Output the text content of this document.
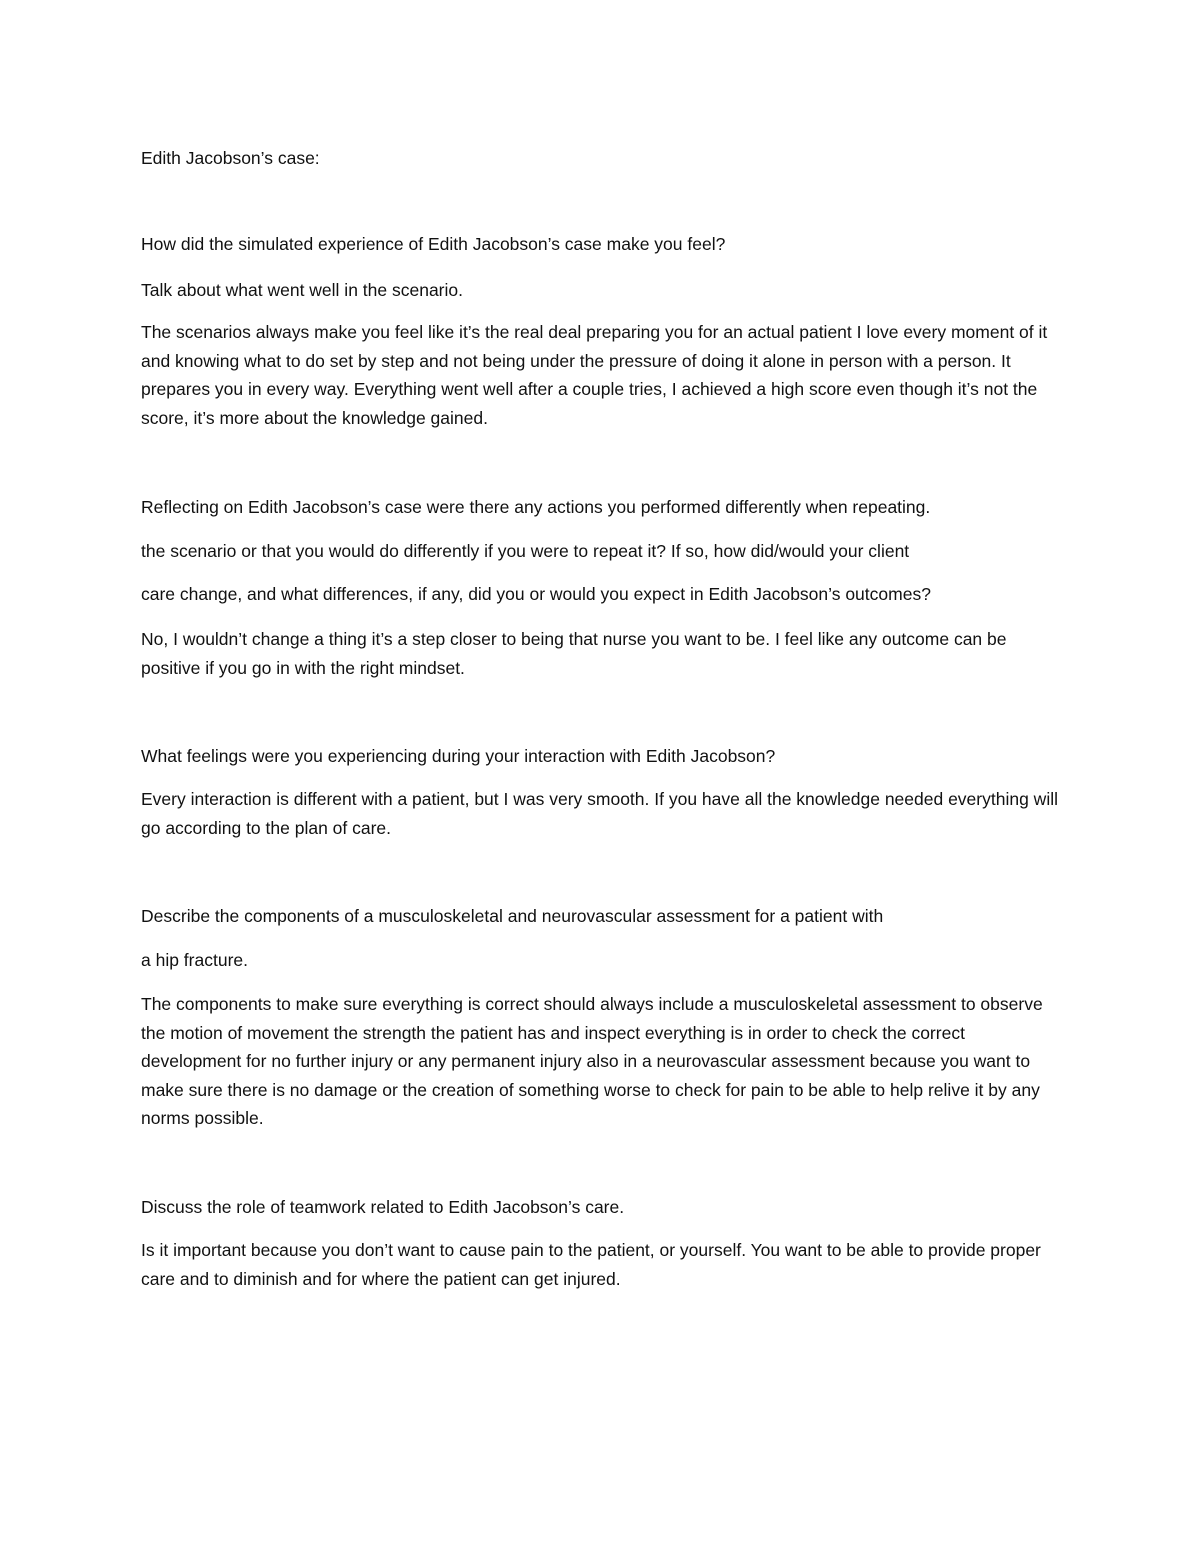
Edith Jacobson’s case:

How did the simulated experience of Edith Jacobson’s case make you feel?

Talk about what went well in the scenario.

The scenarios always make you feel like it’s the real deal preparing you for an actual patient I love every moment of it and knowing what to do set by step and not being under the pressure of doing it alone in person with a person. It prepares you in every way. Everything went well after a couple tries, I achieved a high score even though it’s not the score, it’s more about the knowledge gained.

Reflecting on Edith Jacobson’s case were there any actions you performed differently when repeating.

the scenario or that you would do differently if you were to repeat it? If so, how did/would your client

care change, and what differences, if any, did you or would you expect in Edith Jacobson’s outcomes?

No, I wouldn’t change a thing it’s a step closer to being that nurse you want to be. I feel like any outcome can be positive if you go in with the right mindset.

What feelings were you experiencing during your interaction with Edith Jacobson?

Every interaction is different with a patient, but I was very smooth. If you have all the knowledge needed everything will go according to the plan of care.

Describe the components of a musculoskeletal and neurovascular assessment for a patient with

a hip fracture.

The components to make sure everything is correct should always include a musculoskeletal assessment to observe the motion of movement the strength the patient has and inspect everything is in order to check the correct development for no further injury or any permanent injury also in a neurovascular assessment because you want to make sure there is no damage or the creation of something worse to check for pain to be able to help relive it by any norms possible.

Discuss the role of teamwork related to Edith Jacobson’s care.

Is it important because you don’t want to cause pain to the patient, or yourself. You want to be able to provide proper care and to diminish and for where the patient can get injured.
